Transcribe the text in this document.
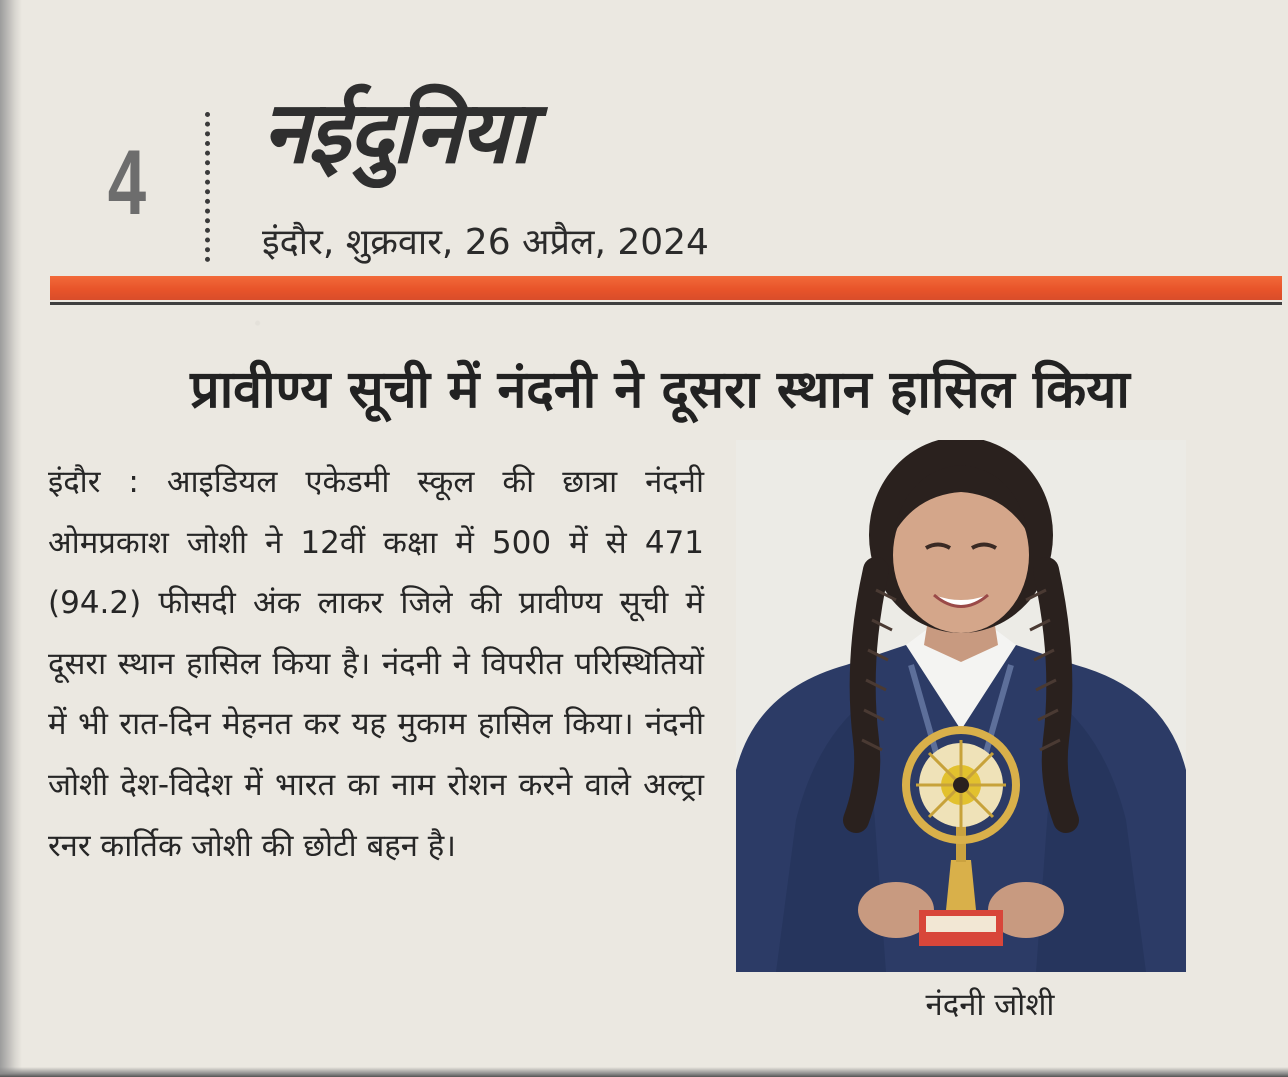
4 नईदुनिया
इंदौर, शुक्रवार, 26 अप्रैल, 2024
प्रावीण्य सूची में नंदनी ने दूसरा स्थान हासिल किया
इंदौर : आइडियल एकेडमी स्कूल की छात्रा नंदनी ओमप्रकाश जोशी ने 12वीं कक्षा में 500 में से 471 (94.2) फीसदी अंक लाकर जिले की प्रावीण्य सूची में दूसरा स्थान हासिल किया है। नंदनी ने विपरीत परिस्थितियों में भी रात-दिन मेहनत कर यह मुकाम हासिल किया। नंदनी जोशी देश-विदेश में भारत का नाम रोशन करने वाले अल्ट्रा रनर कार्तिक जोशी की छोटी बहन है।
नंदनी जोशी
